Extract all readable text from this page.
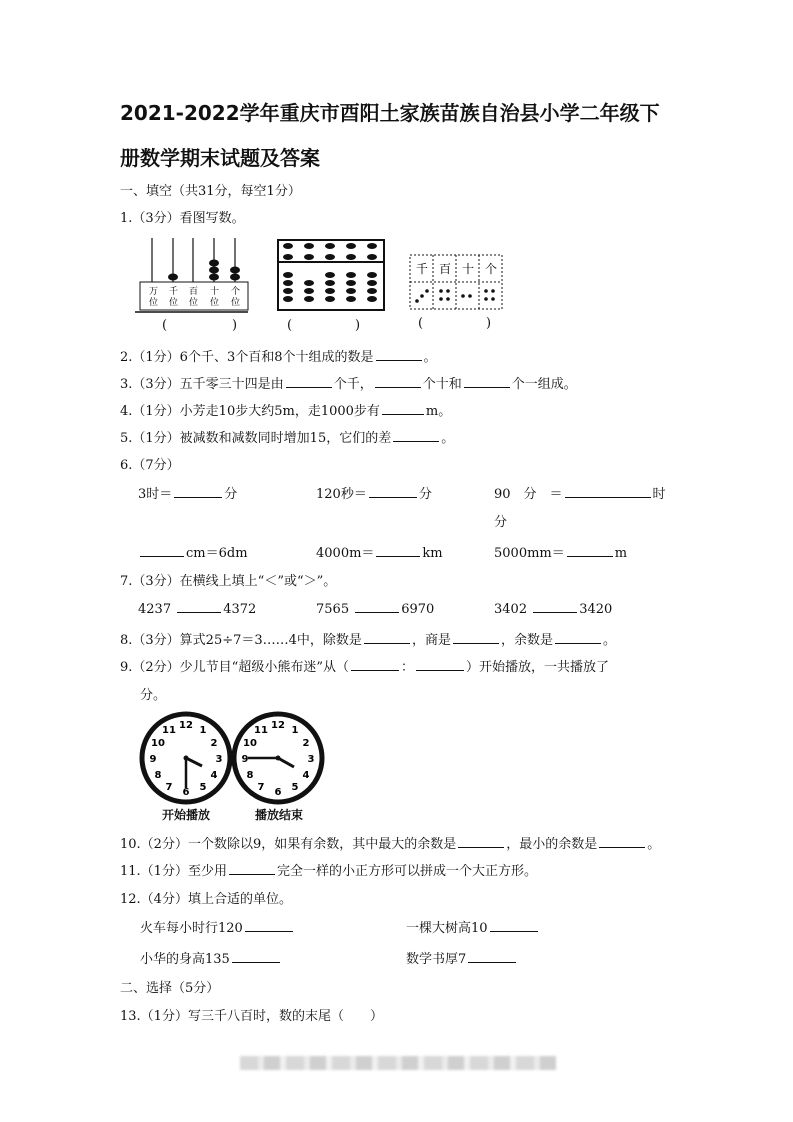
2021-2022学年重庆市酉阳土家族苗族自治县小学二年级下
册数学期末试题及答案
一、填空（共31分，每空1分）
1.（3分）看图写数。
万
位
千
位
百
位
十
位
个
位
千 百 十 个
(	)	(	)	(	)
2.（1分）6个千、3个百和8个十组成的数是	。
3.（3分）五千零三十四是由	个千，	个十和	个一组成。
4.（1分）小芳走10步大约5m，走1000步有	m。
5.（1分）被减数和减数同时增加15，它们的差	。
6.（7分）
3时＝	分	120秒＝	分	90　分　＝	时
分
cm＝6dm	4000m＝	km	5000mm＝	m
7.（3分）在横线上填上“＜”或“＞”。
4237	4372	7565	6970	3402	3420
8.（3分）算式25÷7＝3……4中，除数是	，商是	，余数是	。
9.（2分）少儿节目“超级小熊布迷”从（	：	）开始播放，一共播放了
分。
12 1
2
3
4
5
6
7
8
9
10
11	12 1
2
3
4
5
6
7
8
9
10
11
开始播放	播放结束
10.（2分）一个数除以9，如果有余数，其中最大的余数是	，最小的余数是	。
11.（1分）至少用	完全一样的小正方形可以拼成一个大正方形。
12.（4分）填上合适的单位。
火车每小时行120	一棵大树高10
小华的身高135	数学书厚7
二、选择（5分）
13.（1分）写三千八百时，数的末尾（　　）
